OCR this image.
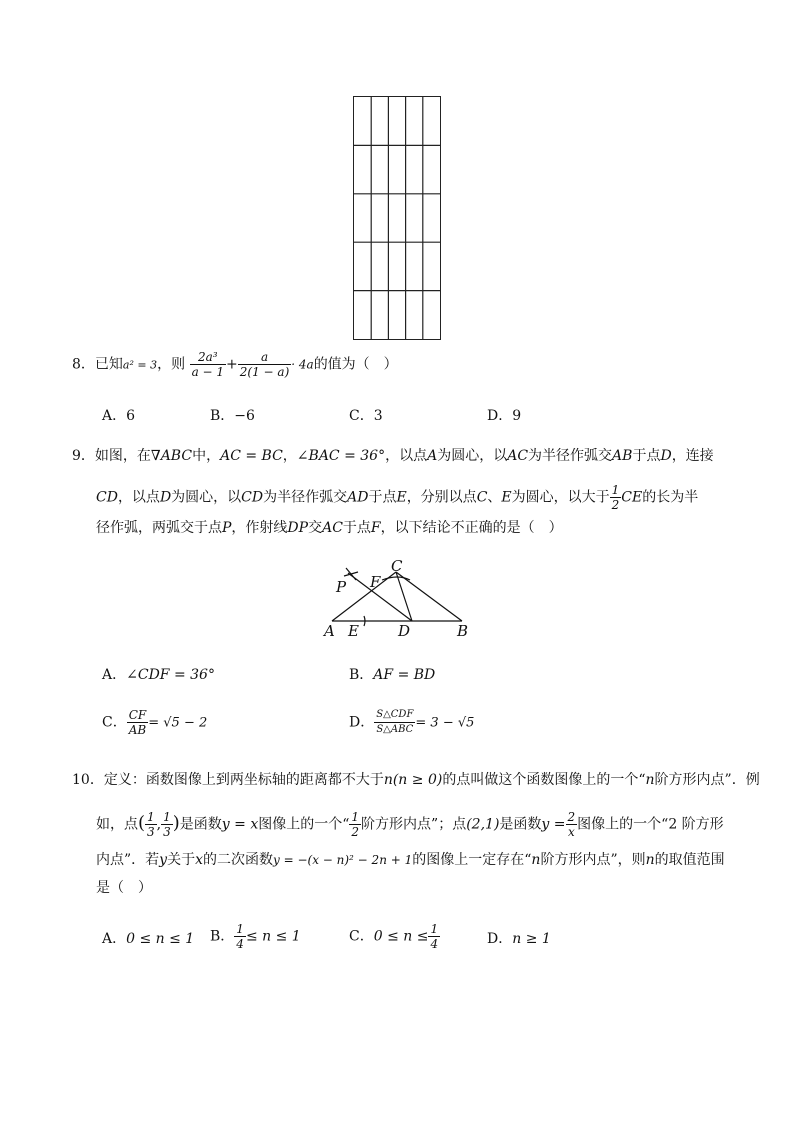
8．已知a² = 3，则 $\frac{\text{2a³}}{a - 1} + \frac{a}{2(1 - a)} \cdot 4a$的值为（　）
A．6	B．−6	C．3	D．9
9．如图，在∇ABC中，AC = BC，∠BAC = 36°，以点A为圆心，以AC为半径作弧交AB于点D，连接
CD，以点D为圆心，以CD为半径作弧交AD于点E，分别以点C、E为圆心，以大于 $\frac{1}{2}$ CE的长为半
径作弧，两弧交于点P，作射线DP交AC于点F，以下结论不正确的是（　）
A E	D	B
C
F
P
A．∠CDF = 36°	B．AF = BD
C． $\frac{CF}{AB} = √5 - 2$	D． $\frac{\text{S△CDF}}{\text{S△ABC}} = 3 - √5$
10．定义：函数图像上到两坐标轴的距离都不大于n(n ≥ 0)的点叫做这个函数图像上的一个“n阶方形内点”．例
如，点( $\frac{1}{3}$ , $\frac{1}{3}$ )是函数y = x图像上的一个“ $\frac{1}{2}$ 阶方形内点”；点(2,1)是函数$y = \frac{2}{x}$ 图像上的一个“2 阶方形
内点”．若y关于x的二次函数y = −(x − n)² − 2n + 1的图像上一定存在“n阶方形内点”，则n的取值范围
是（　）
A．0 ≤ n ≤ 1 B． $\frac{1}{4} \le n \le 1$	C．$0 \le n \le \frac{1}{4}$	D．n ≥ 1
